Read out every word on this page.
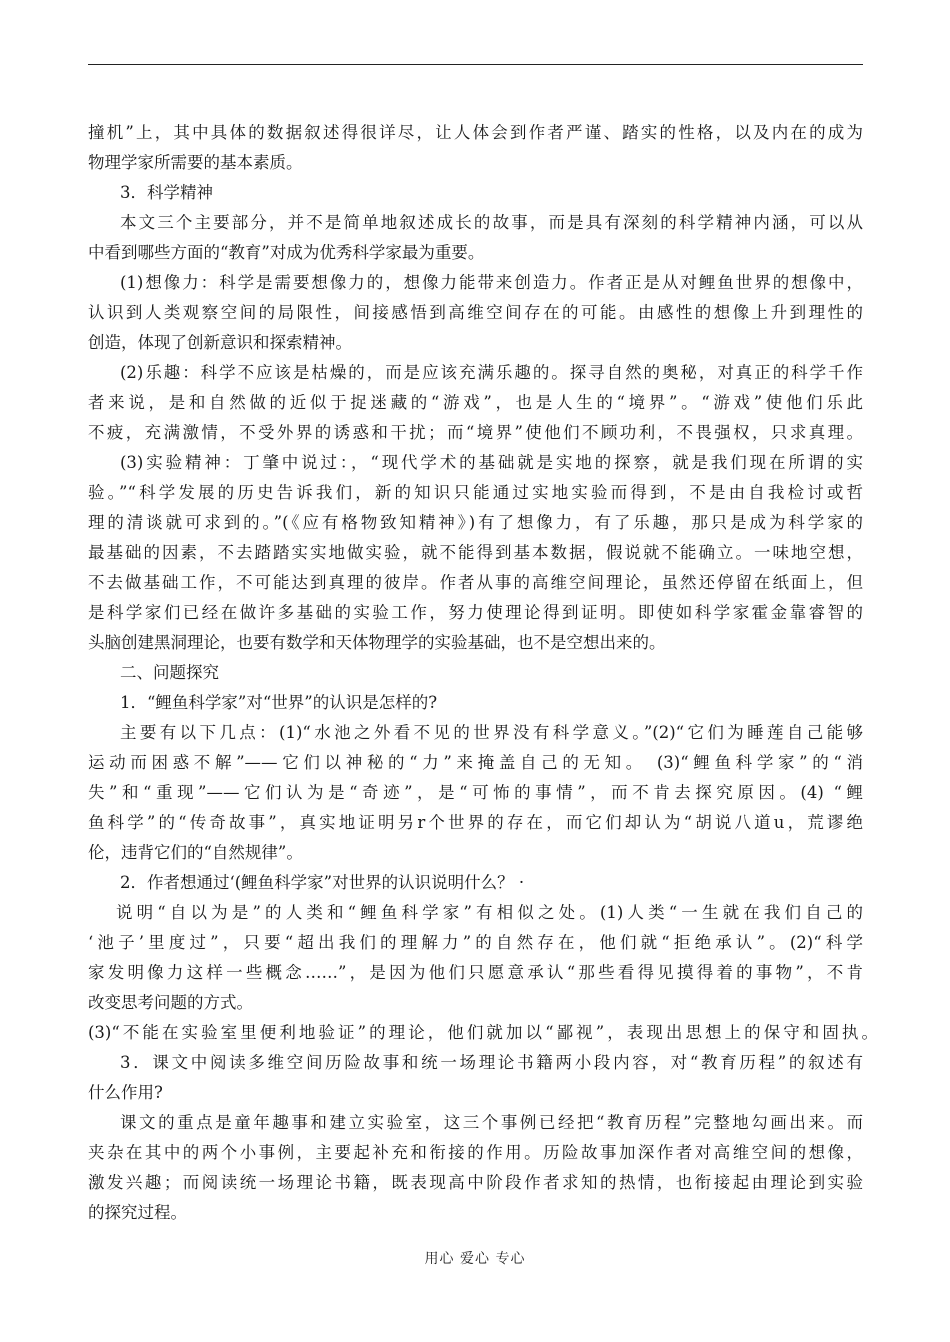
撞机”上，其中具体的数据叙述得很详尽，让人体会到作者严谨、踏实的性格，以及内在的成为
物理学家所需要的基本素质。
3．科学精神
本文三个主要部分，并不是简单地叙述成长的故事，而是具有深刻的科学精神内涵，可以从
中看到哪些方面的“教育”对成为优秀科学家最为重要。
(1)想像力：科学是需要想像力的，想像力能带来创造力。作者正是从对鲤鱼世界的想像中，
认识到人类观察空间的局限性，间接感悟到高维空间存在的可能。由感性的想像上升到理性的
创造，体现了创新意识和探索精神。
(2)乐趣：科学不应该是枯燥的，而是应该充满乐趣的。探寻自然的奥秘，对真正的科学千作
者来说，是和自然做的近似于捉迷藏的“游戏”，也是人生的“境界”。“游戏”使他们乐此
不疲，充满激情，不受外界的诱惑和干扰；而“境界”使他们不顾功利，不畏强权，只求真理。
(3)实验精神：丁肇中说过：，“现代学术的基础就是实地的探察，就是我们现在所谓的实
验。”“科学发展的历史告诉我们，新的知识只能通过实地实验而得到，不是由自我检讨或哲
理的清谈就可求到的。”(《应有格物致知精神》)有了想像力，有了乐趣，那只是成为科学家的
最基础的因素，不去踏踏实实地做实验，就不能得到基本数据，假说就不能确立。一味地空想，
不去做基础工作，不可能达到真理的彼岸。作者从事的高维空间理论，虽然还停留在纸面上，但
是科学家们已经在做许多基础的实验工作，努力使理论得到证明。即使如科学家霍金靠睿智的
头脑创建黑洞理论，也要有数学和天体物理学的实验基础，也不是空想出来的。
二、问题探究
1．“鲤鱼科学家”对“世界”的认识是怎样的?
主要有以下几点：(1)“水池之外看不见的世界没有科学意义。”(2)“它们为睡莲自己能够
运动而困惑不解”——它们以神秘的“力”来掩盖自己的无知。 (3)“鲤鱼科学家”的“消
失”和“重现”——它们认为是“奇迹”，是“可怖的事情”，而不肯去探究原因。(4) “鲤
鱼科学”的“传奇故事”，真实地证明另r个世界的存在，而它们却认为“胡说八道u，荒谬绝
伦，违背它们的“自然规律”。
2．作者想通过‘(鲤鱼科学家”对世界的认识说明什么？ ·
说明“自以为是”的人类和“鲤鱼科学家”有相似之处。(1)人类“一生就在我们自己的
‘池子’里度过”，只要“超出我们的理解力”的自然存在，他们就“拒绝承认”。(2)“科学
家发明像力这样一些概念……”，是因为他们只愿意承认“那些看得见摸得着的事物”，不肯
改变思考问题的方式。
(3)“不能在实验室里便利地验证”的理论，他们就加以“鄙视”，表现出思想上的保守和固执。
3．课文中阅读多维空间历险故事和统一场理论书籍两小段内容，对“教育历程”的叙述有
什么作用?
课文的重点是童年趣事和建立实验室，这三个事例已经把“教育历程”完整地勾画出来。而
夹杂在其中的两个小事例，主要起补充和衔接的作用。历险故事加深作者对高维空间的想像，
激发兴趣；而阅读统一场理论书籍，既表现高中阶段作者求知的热情，也衔接起由理论到实验
的探究过程。
用心 爱心 专心
